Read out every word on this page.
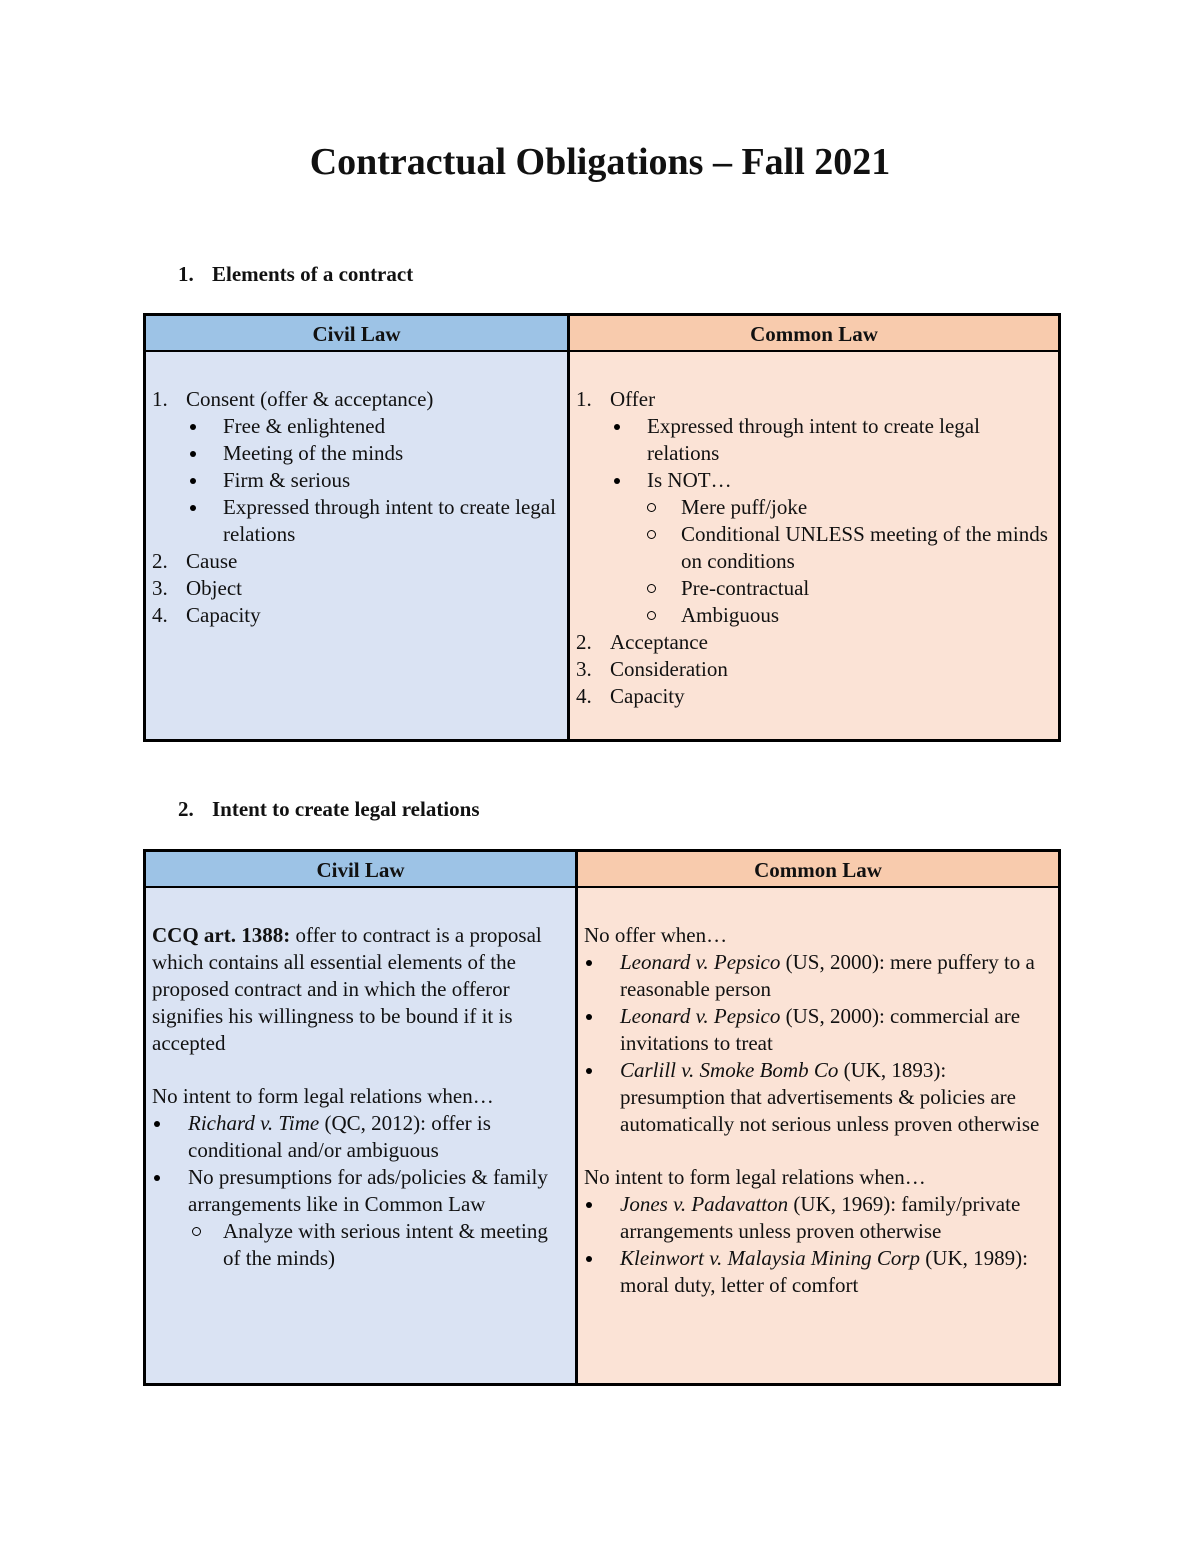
Contractual Obligations – Fall 2021
1. Elements of a contract
Civil Law
1. Consent (offer & acceptance)
Free & enlightened
Meeting of the minds
Firm & serious
Expressed through intent to create legal relations
2. Cause
3. Object
4. Capacity
Common Law
1. Offer
Expressed through intent to create legal relations
Is NOT…
Mere puff/joke
Conditional UNLESS meeting of the minds on conditions
Pre-contractual
Ambiguous
2. Acceptance
3. Consideration
4. Capacity
2. Intent to create legal relations
Civil Law

CCQ art. 1388: offer to contract is a proposal which contains all essential elements of the proposed contract and in which the offeror signifies his willingness to be bound if it is accepted

No intent to form legal relations when…

Richard v. Time (QC, 2012): offer is conditional and/or ambiguous
No presumptions for ads/policies & family arrangements like in Common Law
Analyze with serious intent & meeting of the minds)
Common Law

No offer when…

Leonard v. Pepsico (US, 2000): mere puffery to a reasonable person
Leonard v. Pepsico (US, 2000): commercial are invitations to treat
Carlill v. Smoke Bomb Co (UK, 1893): presumption that advertisements & policies are automatically not serious unless proven otherwise

No intent to form legal relations when…

Jones v. Padavatton (UK, 1969): family/private arrangements unless proven otherwise
Kleinwort v. Malaysia Mining Corp (UK, 1989): moral duty, letter of comfort
